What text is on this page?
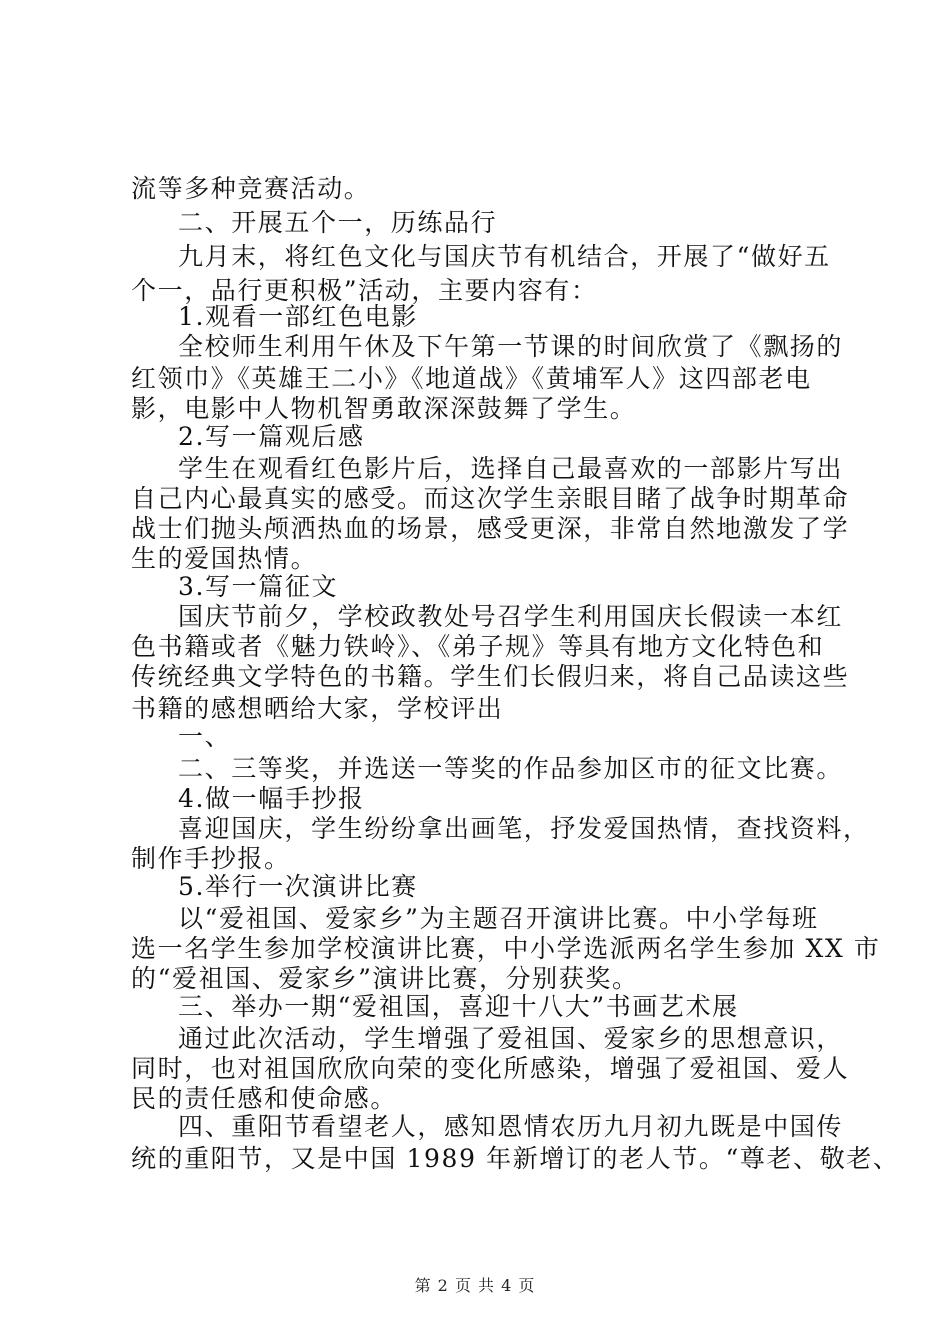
流等多种竞赛活动。
二、开展五个一，历练品行
九月末，将红色文化与国庆节有机结合，开展了“做好五
个一，品行更积极”活动，主要内容有：
1.观看一部红色电影
全校师生利用午休及下午第一节课的时间欣赏了《飘扬的
红领巾》《英雄王二小》《地道战》《黄埔军人》这四部老电
影，电影中人物机智勇敢深深鼓舞了学生。
2.写一篇观后感
学生在观看红色影片后，选择自己最喜欢的一部影片写出
自己内心最真实的感受。而这次学生亲眼目睹了战争时期革命
战士们抛头颅洒热血的场景，感受更深，非常自然地激发了学
生的爱国热情。
3.写一篇征文
国庆节前夕，学校政教处号召学生利用国庆长假读一本红
色书籍或者《魅力铁岭》、《弟子规》等具有地方文化特色和
传统经典文学特色的书籍。学生们长假归来，将自己品读这些
书籍的感想晒给大家，学校评出
一、
二、三等奖，并选送一等奖的作品参加区市的征文比赛。
4.做一幅手抄报
喜迎国庆，学生纷纷拿出画笔，抒发爱国热情，查找资料，
制作手抄报。
5.举行一次演讲比赛
以“爱祖国、爱家乡”为主题召开演讲比赛。中小学每班
选一名学生参加学校演讲比赛，中小学选派两名学生参加 XX 市
的“爱祖国、爱家乡”演讲比赛，分别获奖。
三、举办一期“爱祖国，喜迎十八大”书画艺术展
通过此次活动，学生增强了爱祖国、爱家乡的思想意识，
同时，也对祖国欣欣向荣的变化所感染，增强了爱祖国、爱人
民的责任感和使命感。
四、重阳节看望老人，感知恩情农历九月初九既是中国传
统的重阳节，又是中国 1989 年新增订的老人节。“尊老、敬老、
第 2 页 共 4 页
